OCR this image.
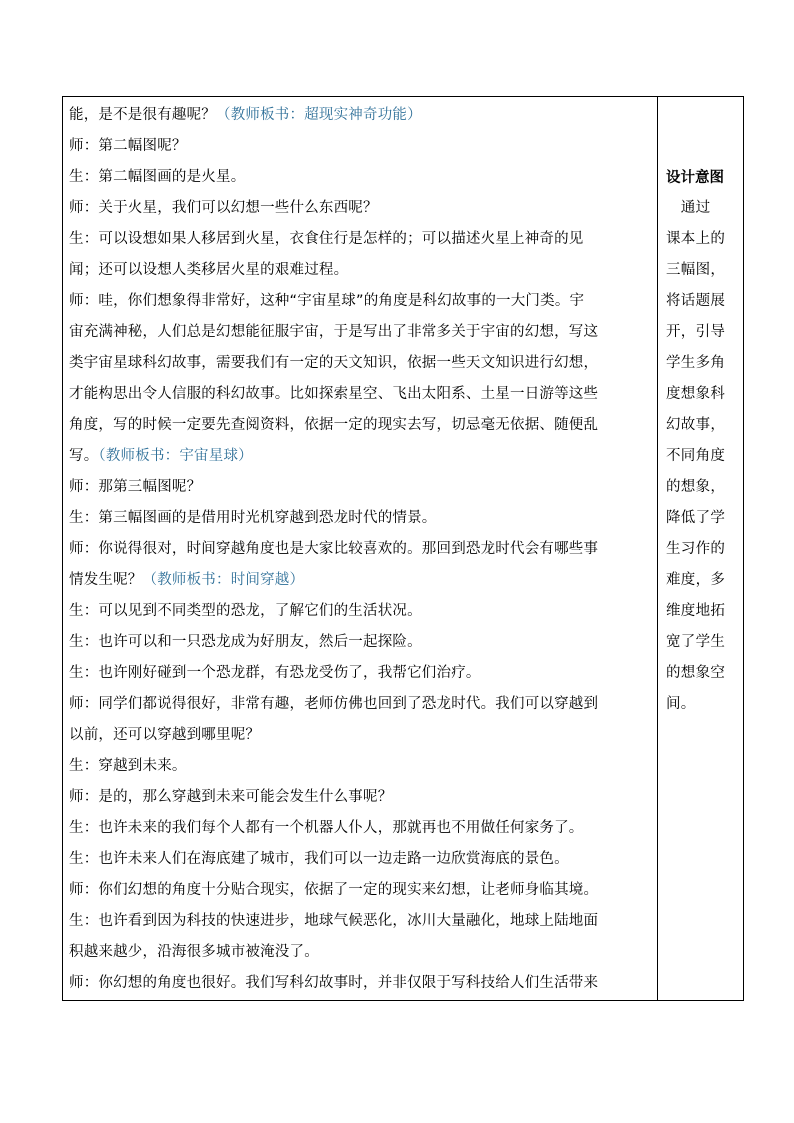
能，是不是很有趣呢？（教师板书：超现实神奇功能）
师：第二幅图呢？
生：第二幅图画的是火星。
师：关于火星，我们可以幻想一些什么东西呢？
生：可以设想如果人移居到火星，衣食住行是怎样的；可以描述火星上神奇的见
闻；还可以设想人类移居火星的艰难过程。
师：哇，你们想象得非常好，这种“宇宙星球”的角度是科幻故事的一大门类。宇
宙充满神秘，人们总是幻想能征服宇宙，于是写出了非常多关于宇宙的幻想，写这
类宇宙星球科幻故事，需要我们有一定的天文知识，依据一些天文知识进行幻想，
才能构思出令人信服的科幻故事。比如探索星空、飞出太阳系、土星一日游等这些
角度，写的时候一定要先查阅资料，依据一定的现实去写，切忌毫无依据、随便乱
写。（教师板书：宇宙星球）
师：那第三幅图呢？
生：第三幅图画的是借用时光机穿越到恐龙时代的情景。
师：你说得很对，时间穿越角度也是大家比较喜欢的。那回到恐龙时代会有哪些事
情发生呢？（教师板书：时间穿越）
生：可以见到不同类型的恐龙，了解它们的生活状况。
生：也许可以和一只恐龙成为好朋友，然后一起探险。
生：也许刚好碰到一个恐龙群，有恐龙受伤了，我帮它们治疗。
师：同学们都说得很好，非常有趣，老师仿佛也回到了恐龙时代。我们可以穿越到
以前，还可以穿越到哪里呢？
生：穿越到未来。
师：是的，那么穿越到未来可能会发生什么事呢？
生：也许未来的我们每个人都有一个机器人仆人，那就再也不用做任何家务了。
生：也许未来人们在海底建了城市，我们可以一边走路一边欣赏海底的景色。
师：你们幻想的角度十分贴合现实，依据了一定的现实来幻想，让老师身临其境。
生：也许看到因为科技的快速进步，地球气候恶化，冰川大量融化，地球上陆地面
积越来越少，沿海很多城市被淹没了。
师：你幻想的角度也很好。我们写科幻故事时，并非仅限于写科技给人们生活带来
设计意图
　通过
课本上的
三幅图，
将话题展
开，引导
学生多角
度想象科
幻故事，
不同角度
的想象，
降低了学
生习作的
难度，多
维度地拓
宽了学生
的想象空
间。
